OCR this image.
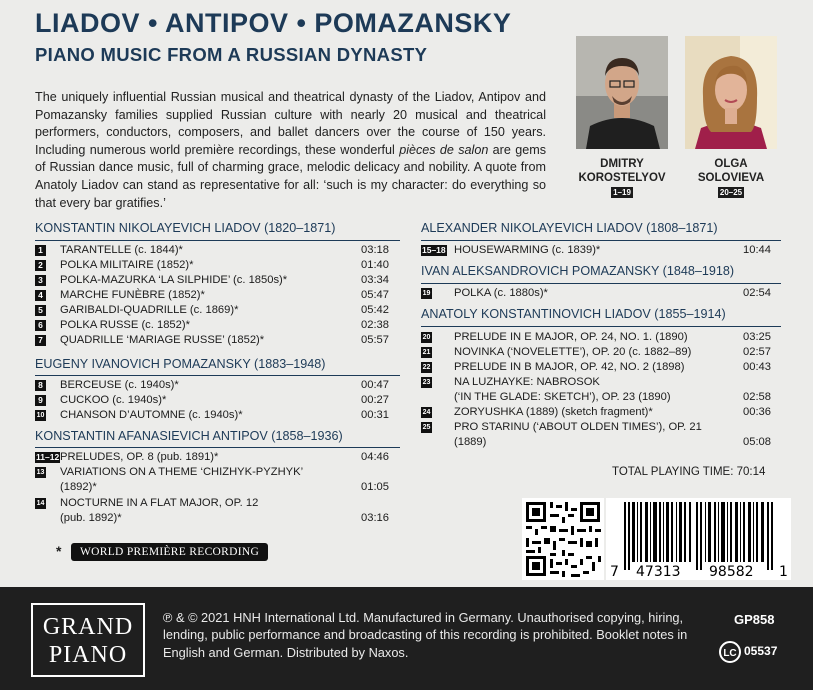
LIADOV • ANTIPOV • POMAZANSKY
PIANO MUSIC FROM A RUSSIAN DYNASTY
The uniquely influential Russian musical and theatrical dynasty of the Liadov, Antipov and Pomazansky families supplied Russian culture with nearly 20 musical and theatrical performers, conductors, composers, and ballet dancers over the course of 150 years. Including numerous world première recordings, these wonderful pièces de salon are gems of Russian dance music, full of charming grace, melodic delicacy and nobility. A quote from Anatoly Liadov can stand as representative for all: ‘such is my character: do everything so that every bar gratifies.’
DMITRY
KOROSTELYOV
1–19
OLGA
SOLOVIEVA
20–25
KONSTANTIN NIKOLAYEVICH LIADOV (1820–1871)
EUGENY IVANOVICH POMAZANSKY (1883–1948)
KONSTANTIN AFANASIEVICH ANTIPOV (1858–1936)
1 TARANTELLE (c. 1844)*	03:18
2 POLKA MILITAIRE (1852)*	01:40
3 POLKA-MAZURKA ‘LA SILPHIDE’ (c. 1850s)*	03:34
4 MARCHE FUNÈBRE (1852)*	05:47
5 GARIBALDI-QUADRILLE (c. 1869)*	05:42
6 POLKA RUSSE (c. 1852)*	02:38
7 QUADRILLE ‘MARIAGE RUSSE’ (1852)*	05:57
8 BERCEUSE (c. 1940s)*	00:47
9 CUCKOO (c. 1940s)*	00:27
10 CHANSON D’AUTOMNE (c. 1940s)*	00:31
11–12 PRELUDES, OP. 8 (pub. 1891)*	04:46
13 VARIATIONS ON A THEME ‘CHIZHYK-PYZHYK’
(1892)*	01:05
14 NOCTURNE IN A FLAT MAJOR, OP. 12
(pub. 1892)*	03:16
ALEXANDER NIKOLAYEVICH LIADOV (1808–1871)
IVAN ALEKSANDROVICH POMAZANSKY (1848–1918)
ANATOLY KONSTANTINOVICH LIADOV (1855–1914)
15–18 HOUSEWARMING (c. 1839)*	10:44
19 POLKA (c. 1880s)*	02:54
20 PRELUDE IN E MAJOR, OP. 24, NO. 1. (1890)	03:25
21 NOVINKA (‘NOVELETTE’), OP. 20 (c. 1882–89)	02:57
22 PRELUDE IN B MAJOR, OP. 42, NO. 2 (1898)	00:43
23 NA LUZHAYKE: NABROSOK
(‘IN THE GLADE: SKETCH’), OP. 23 (1890)	02:58
24 ZORYUSHKA (1889) (sketch fragment)*	00:36
25 PRO STARINU (‘ABOUT OLDEN TIMES’), OP. 21
(1889)	05:08
TOTAL PLAYING TIME: 70:14
*	WORLD PREMIÈRE RECORDING
7 47313 98582 1
GRAND
PIANO
℗ & © 2021 HNH International Ltd. Manufactured in Germany. Unauthorised copying, hiring, lending, public performance and broadcasting of this recording is prohibited. Booklet notes in English and German. Distributed by Naxos.
GP858
LC 05537
